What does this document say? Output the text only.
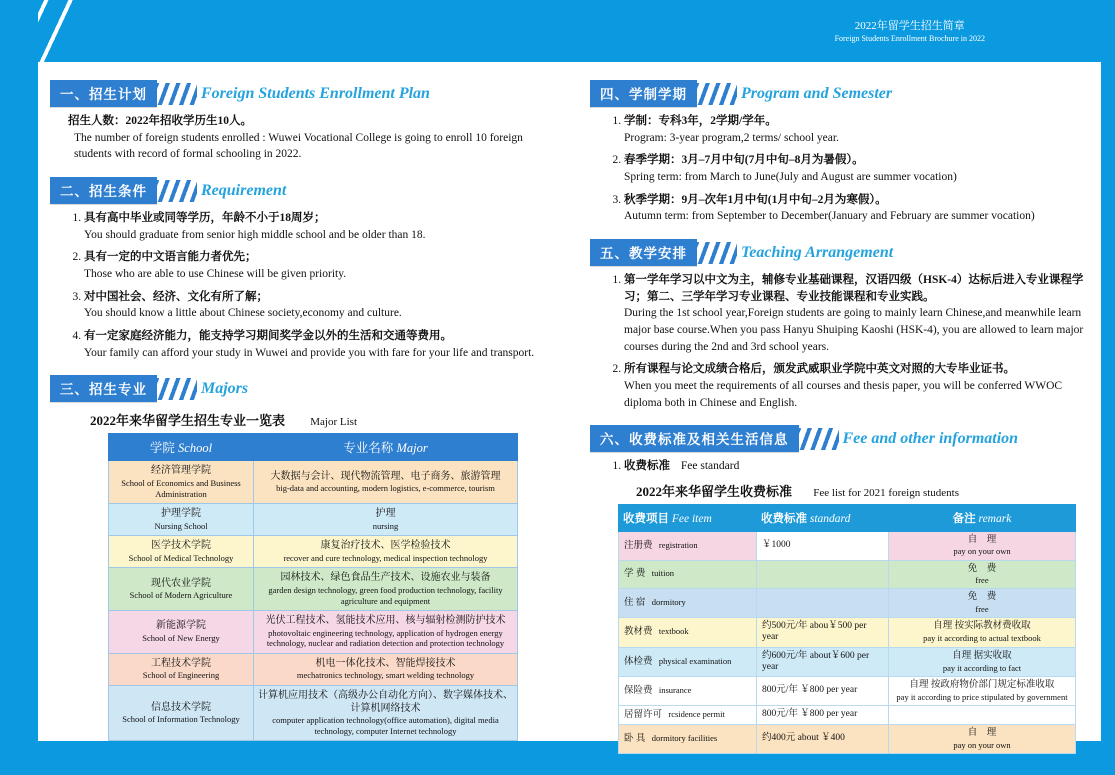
2022年留学生招生简章
Foreign Students Enrollment Brochure in 2022
一、招生计划	Foreign Students Enrollment Plan
招生人数：2022年招收学历生10人。
The number of foreign students enrolled : Wuwei Vocational College is going to enroll 10 foreign students with record of formal schooling in 2022.
二、招生条件	Requirement
1. 具有高中毕业或同等学历，年龄不小于18周岁；
You should graduate from senior high middle school and be older than 18.
2. 具有一定的中文语言能力者优先；
Those who are able to use Chinese will be given priority.
3. 对中国社会、经济、文化有所了解；
You should know a little about Chinese society,economy and culture.
4. 有一定家庭经济能力，能支持学习期间奖学金以外的生活和交通等费用。
Your family can afford your study in Wuwei and provide you with fare for your life and transport.
三、招生专业	Majors
2022年来华留学生招生专业一览表 Major List
学院 School	专业名称 Major

经济管理学院
School of Economics and Business Administration	大数据与会计、现代物流管理、电子商务、旅游管理
big-data and accounting, modern logistics, e-commerce, tourism

护理学院
Nursing School	护理
nursing

医学技术学院
School of Medical Technology	康复治疗技术、医学检验技术
recover and cure technology, medical inspection technology

现代农业学院
School of Modern Agriculture	园林技术、绿色食品生产技术、设施农业与装备
garden design technology, green food production technology, facility agriculture and equipment

新能源学院
School of New Energy	光伏工程技术、氢能技术应用、核与辐射检测防护技术
photovoltaic engineering technology, application of hydrogen energy technology, nuclear and radiation detection and protection technology

工程技术学院
School of Engineering	机电一体化技术、智能焊接技术
mechatronics technology, smart welding technology

信息技术学院
School of Information Technology	计算机应用技术（高级办公自动化方向）、数字媒体技术、计算机网络技术
computer application technology(office automation), digital media technology, computer Internet technology
四、学制学期	Program and Semester
1. 学制：专科3年，2学期/学年。
Program: 3-year program,2 terms/ school year.
2. 春季学期：3月–7月中旬(7月中旬–8月为暑假）。
Spring term: from March to June(July and August are summer vocation)
3. 秋季学期：9月–次年1月中旬(1月中旬–2月为寒假）。
Autumn term: from September to December(January and February are summer vocation)
五、教学安排	Teaching Arrangement
1. 第一学年学习以中文为主，辅修专业基础课程，汉语四级（HSK-4）达标后进入专业课程学习；第二、三学年学习专业课程、专业技能课程和专业实践。
During the 1st school year,Foreign students are going to mainly learn Chinese,and meanwhile learn major base course.When you pass Hanyu Shuiping Kaoshi (HSK-4), you are allowed to learn major courses during the 2nd and 3rd school years.
2. 所有课程与论文成绩合格后，颁发武威职业学院中英文对照的大专毕业证书。
When you meet the requirements of all courses and thesis paper, you will be conferred WWOC diploma both in Chinese and English.
六、收费标准及相关生活信息	Fee and other information
1. 收费标准 Fee standard
2022年来华留学生收费标准 Fee list for 2021 foreign students
收费项目 Fee item	收费标准 standard	备注 remark
注册费 registration	￥1000	自　理
pay on your own

学 费 tuition		免　费
free

住 宿 dormitory		免　费
free

教材费 textbook	约500元/年 abou￥500 per year	自理 按实际教材费收取
pay it according to actual textbook

体检费 physical examination	约600元/年 about￥600 per year	自理 据实收取
pay it according to fact

保险费 insurance	800元/年 ￥800 per year	自理 按政府物价部门规定标准收取
pay it according to price stipulated by government

居留许可 rcsidence permit	800元/年 ￥800 per year	

卧 具 dormitory facilities	约400元 about ￥400	自　理
pay on your own
